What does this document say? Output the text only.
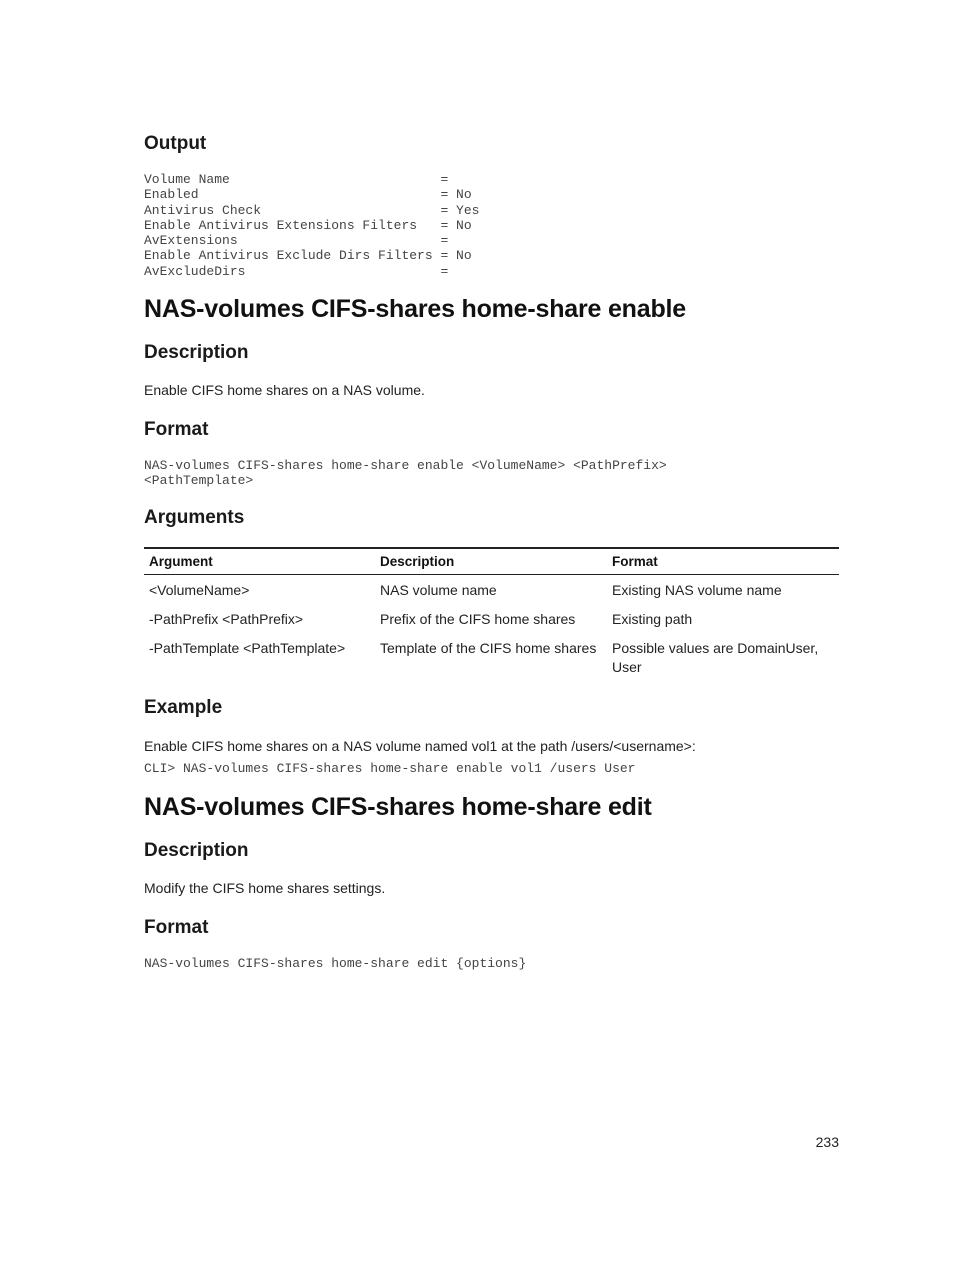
Output
Volume Name                           =
Enabled                               = No
Antivirus Check                       = Yes
Enable Antivirus Extensions Filters   = No
AvExtensions                          =
Enable Antivirus Exclude Dirs Filters = No
AvExcludeDirs                         =
NAS-volumes CIFS-shares home-share enable
Description

Enable CIFS home shares on a NAS volume.

Format
NAS-volumes CIFS-shares home-share enable <VolumeName> <PathPrefix>
<PathTemplate>
Arguments
Argument	Description	Format
<VolumeName>	NAS volume name	Existing NAS volume name
-PathPrefix <PathPrefix>	Prefix of the CIFS home shares	Existing path
-PathTemplate <PathTemplate>	Template of the CIFS home shares	Possible values are DomainUser, User
Example

Enable CIFS home shares on a NAS volume named vol1 at the path /users/<username>:

CLI> NAS-volumes CIFS-shares home-share enable vol1 /users User
NAS-volumes CIFS-shares home-share edit
Description

Modify the CIFS home shares settings.

Format
NAS-volumes CIFS-shares home-share edit {options}
233
